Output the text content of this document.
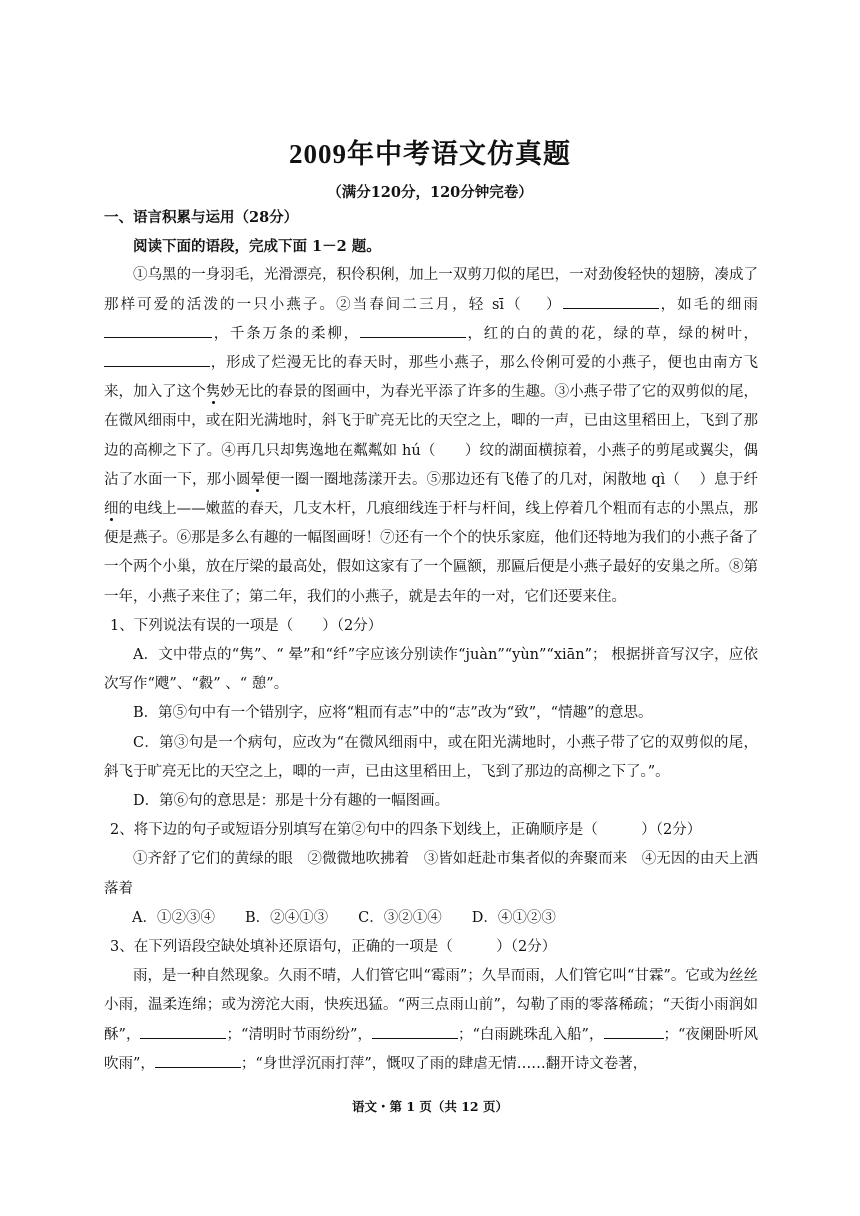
2009年中考语文仿真题
（满分120分，120分钟完卷）

一、语言积累与运用（28分）

阅读下面的语段，完成下面 1－2 题。

①乌黑的一身羽毛，光滑漂亮，积伶积俐，加上一双剪刀似的尾巴，一对劲俊轻快的翅膀，凑成了那样可爱的活泼的一只小燕子。②当春间二三月，轻 sī（　 ）	，如毛的细雨，千条万条的柔柳，	，红的白的黄的花，绿的草，绿的树叶，，形成了烂漫无比的春天时，那些小燕子，那么伶俐可爱的小燕子，便也由南方飞来，加入了这个隽妙无比的春景的图画中，为春光平添了许多的生趣。③小燕子带了它的双剪似的尾，在微风细雨中，或在阳光满地时，斜飞于旷亮无比的天空之上，唧的一声，已由这里稻田上，飞到了那边的高柳之下了。④再几只却隽逸地在粼粼如 hú（　　）纹的湖面横掠着，小燕子的剪尾或翼尖，偶沾了水面一下，那小圆晕便一圈一圈地荡漾开去。⑤那边还有飞倦了的几对，闲散地 qì（　 ）息于纤细的电线上——嫩蓝的春天，几支木杆，几痕细线连于杆与杆间，线上停着几个粗而有志的小黑点，那便是燕子。⑥那是多么有趣的一幅图画呀！⑦还有一个个的快乐家庭，他们还特地为我们的小燕子备了一个两个小巢，放在厅梁的最高处，假如这家有了一个匾额，那匾后便是小燕子最好的安巢之所。⑧第一年，小燕子来住了；第二年，我们的小燕子，就是去年的一对，它们还要来住。

1、下列说法有误的一项是（　　）（2分）

A．文中带点的“隽”、“ 晕”和“纤”字应该分别读作“juàn”“yùn”“xiān”； 根据拼音写汉字，应依次写作“飕”、“縠” 、“ 憩”。

B．第⑤句中有一个错别字，应将“粗而有志”中的“志”改为“致”，“情趣”的意思。

C．第③句是一个病句，应改为“在微风细雨中，或在阳光满地时，小燕子带了它的双剪似的尾，斜飞于旷亮无比的天空之上，唧的一声，已由这里稻田上，飞到了那边的高柳之下了。”。

D．第⑥句的意思是：那是十分有趣的一幅图画。

2、将下边的句子或短语分别填写在第②句中的四条下划线上，正确顺序是（　　　）（2分）

①齐舒了它们的黄绿的眼　②微微地吹拂着　③皆如赶赴市集者似的奔聚而来　④无因的由天上洒落着

A．①②③④ B．②④①③ C．③②①④ D．④①②③

3、在下列语段空缺处填补还原语句，正确的一项是（　　　）（2分）

雨，是一种自然现象。久雨不晴，人们管它叫“霉雨”；久旱而雨，人们管它叫“甘霖”。它或为丝丝小雨，温柔连绵；或为滂沱大雨，快疾迅猛。“两三点雨山前”，勾勒了雨的零落稀疏；“天街小雨润如酥”，	；“清明时节雨纷纷”，	；“白雨跳珠乱入船”，	；“夜阑卧听风吹雨”，	；“身世浮沉雨打萍”，慨叹了雨的肆虐无情……翻开诗文卷著，

语文・第 1 页（共 12 页）
